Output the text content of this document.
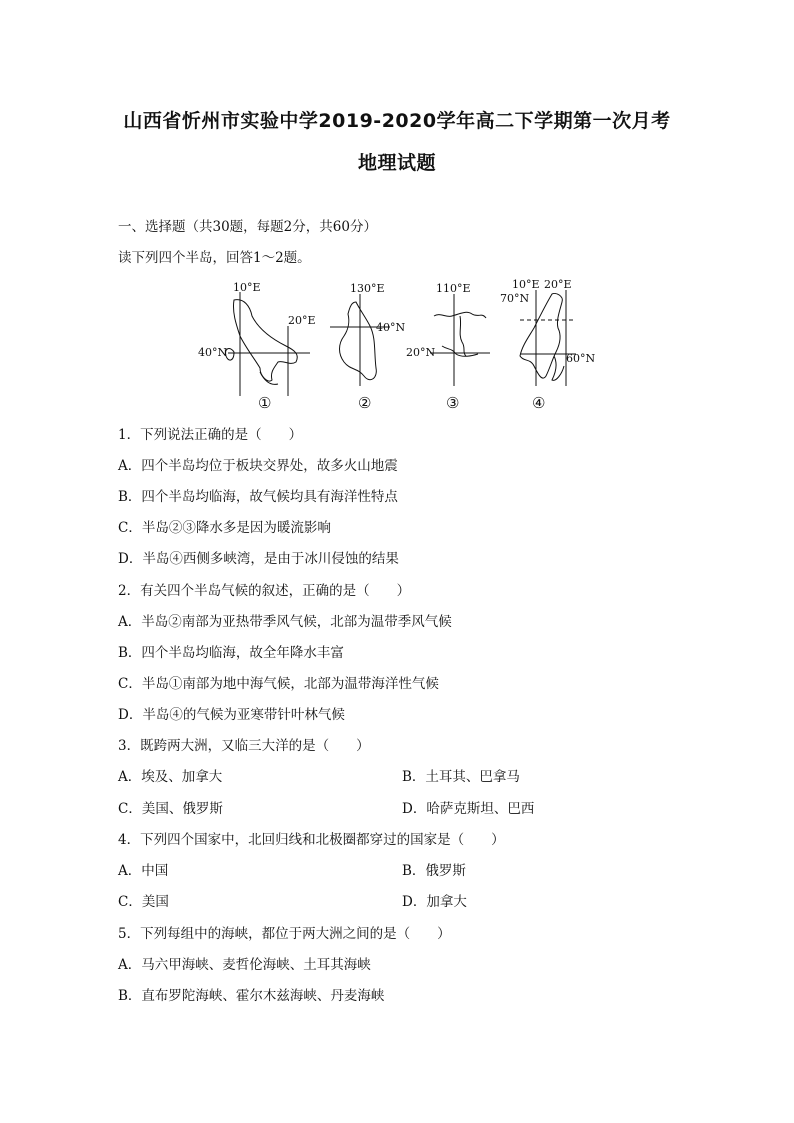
山西省忻州市实验中学2019-2020学年高二下学期第一次月考
地理试题
一、选择题（共30题，每题2分，共60分）
读下列四个半岛，回答1～2题。
10°E
20°E
40°N
130°E
40°N
110°E
20°N
10°E 20°E
70°N
60°N
①	②	③	④
1．下列说法正确的是（　　）
A．四个半岛均位于板块交界处，故多火山地震
B．四个半岛均临海，故气候均具有海洋性特点
C．半岛②③降水多是因为暖流影响
D．半岛④西侧多峡湾，是由于冰川侵蚀的结果
2．有关四个半岛气候的叙述，正确的是（　　）
A．半岛②南部为亚热带季风气候，北部为温带季风气候
B．四个半岛均临海，故全年降水丰富
C．半岛①南部为地中海气候，北部为温带海洋性气候
D．半岛④的气候为亚寒带针叶林气候
3．既跨两大洲，又临三大洋的是（　　）
A．埃及、加拿大	B．土耳其、巴拿马
C．美国、俄罗斯	D．哈萨克斯坦、巴西
4．下列四个国家中，北回归线和北极圈都穿过的国家是（　　）
A．中国	B．俄罗斯
C．美国	D．加拿大
5．下列每组中的海峡，都位于两大洲之间的是（　　）
A．马六甲海峡、麦哲伦海峡、土耳其海峡
B．直布罗陀海峡、霍尔木兹海峡、丹麦海峡
